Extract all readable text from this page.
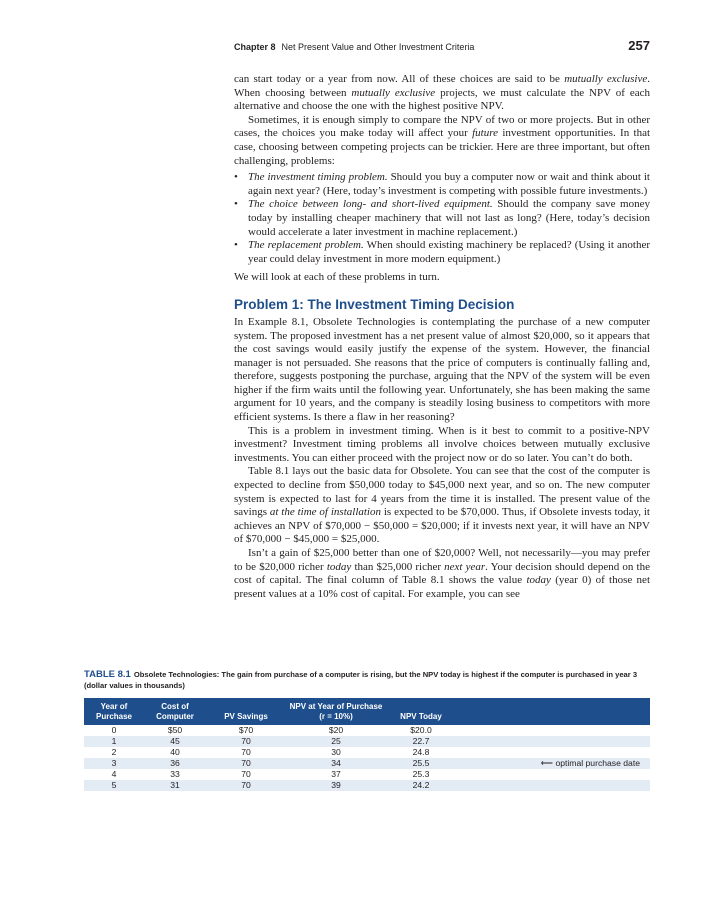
Chapter 8 Net Present Value and Other Investment Criteria	257

can start today or a year from now. All of these choices are said to be mutually exclusive. When choosing between mutually exclusive projects, we must calculate the NPV of each alternative and choose the one with the highest positive NPV.

Sometimes, it is enough simply to compare the NPV of two or more projects. But in other cases, the choices you make today will affect your future investment opportunities. In that case, choosing between competing projects can be trickier. Here are three important, but often challenging, problems:

• The investment timing problem. Should you buy a computer now or wait and think about it again next year? (Here, today’s investment is competing with possible future investments.)
• The choice between long- and short-lived equipment. Should the company save money today by installing cheaper machinery that will not last as long? (Here, today’s decision would accelerate a later investment in machine replacement.)
• The replacement problem. When should existing machinery be replaced? (Using it another year could delay investment in more modern equipment.)

We will look at each of these problems in turn.

Problem 1: The Investment Timing Decision

In Example 8.1, Obsolete Technologies is contemplating the purchase of a new computer system. The proposed investment has a net present value of almost $20,000, so it appears that the cost savings would easily justify the expense of the system. However, the financial manager is not persuaded. She reasons that the price of computers is continually falling and, therefore, suggests postponing the purchase, arguing that the NPV of the system will be even higher if the firm waits until the following year. Unfortunately, she has been making the same argument for 10 years, and the company is steadily losing business to competitors with more efficient systems. Is there a flaw in her reasoning?

This is a problem in investment timing. When is it best to commit to a positive-NPV investment? Investment timing problems all involve choices between mutually exclusive investments. You can either proceed with the project now or do so later. You can’t do both.

Table 8.1 lays out the basic data for Obsolete. You can see that the cost of the computer is expected to decline from $50,000 today to $45,000 next year, and so on. The new computer system is expected to last for 4 years from the time it is installed. The present value of the savings at the time of installation is expected to be $70,000. Thus, if Obsolete invests today, it achieves an NPV of $70,000 − $50,000 = $20,000; if it invests next year, it will have an NPV of $70,000 − $45,000 = $25,000.

Isn’t a gain of $25,000 better than one of $20,000? Well, not necessarily—you may prefer to be $20,000 richer today than $25,000 richer next year. Your decision should depend on the cost of capital. The final column of Table 8.1 shows the value today (year 0) of those net present values at a 10% cost of capital. For example, you can see

TABLE 8.1 Obsolete Technologies: The gain from purchase of a computer is rising, but the NPV today is highest if the computer is purchased in year 3 (dollar values in thousands)
Year of Purchase	Cost of Computer	PV Savings	NPV at Year of Purchase (r = 10%)	NPV Today	
0	$50	$70	$20	$20.0	
1	45	70	25	22.7	
2	40	70	30	24.8	
3	36	70	34	25.5	⟵ optimal purchase date
4	33	70	37	25.3	
5	31	70	39	24.2	
